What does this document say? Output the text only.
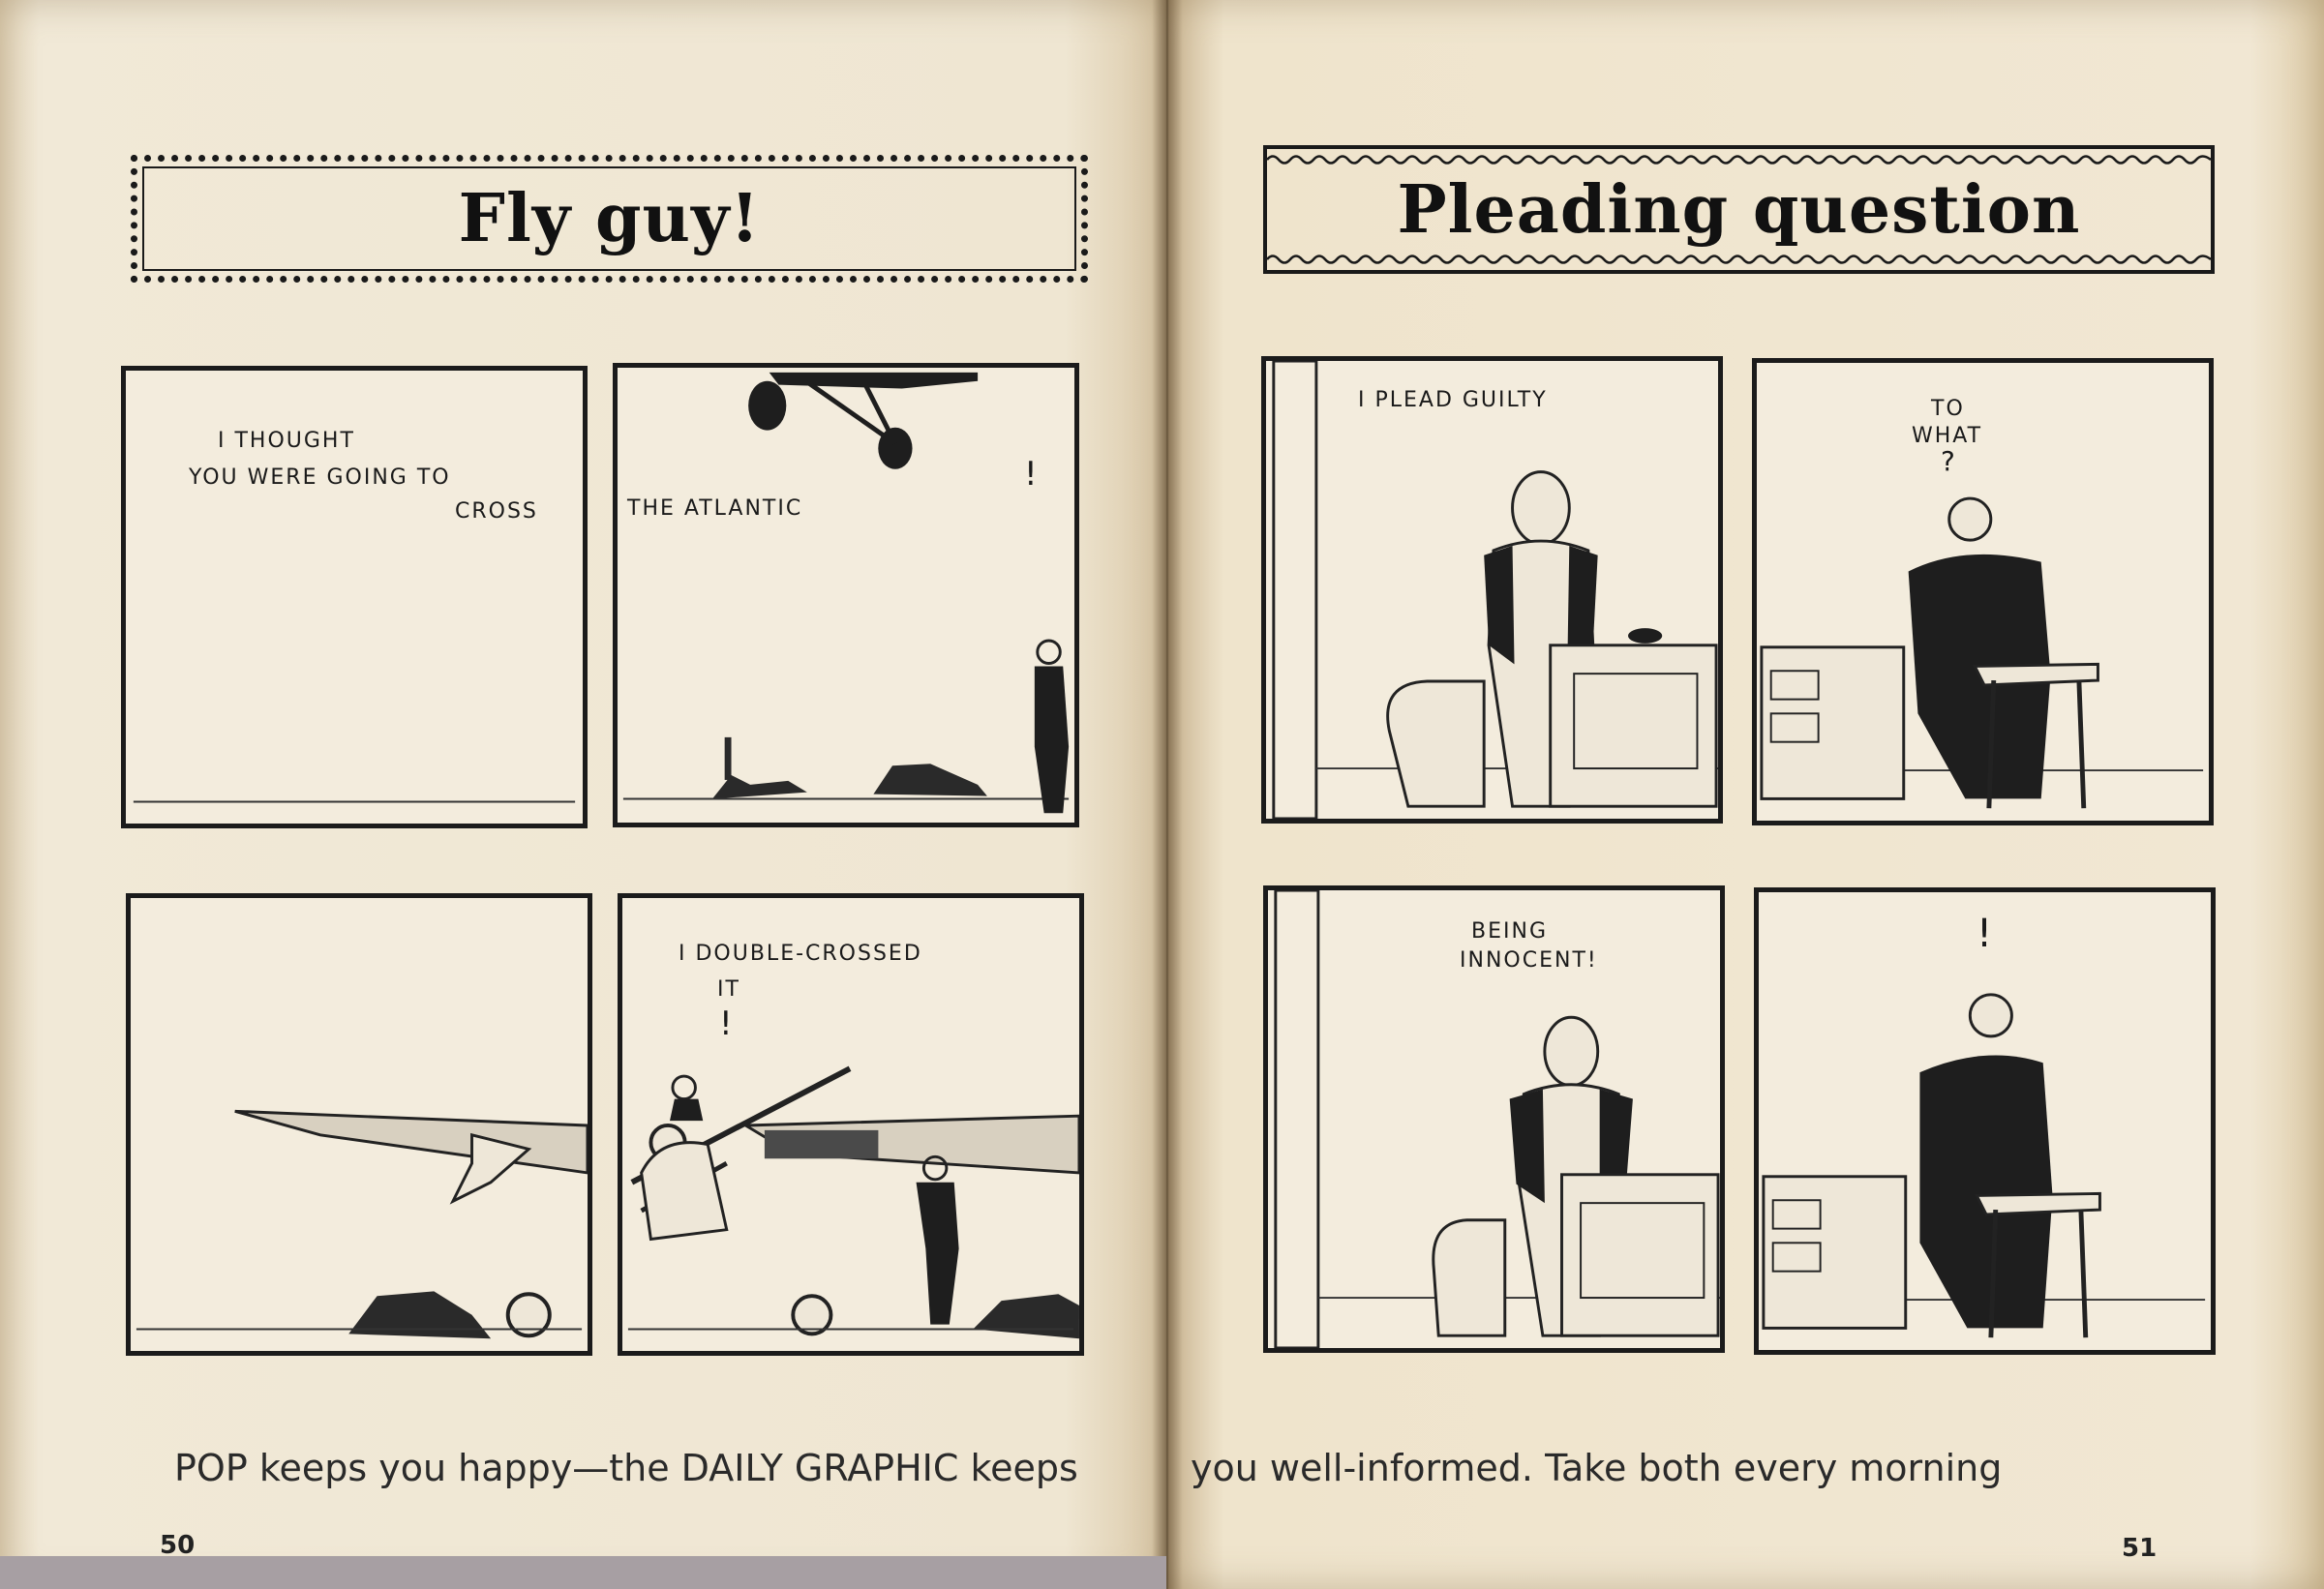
Fly guy!	Pleading question
I THOUGHT
YOU WERE GOING TO
CROSS	THE ATLANTIC
!
I DOUBLE-CROSSED
IT
!
I PLEAD GUILTY	TO
WHAT
?
BEING
INNOCENT!
!
POP keeps you happy—the DAILY GRAPHIC keeps	you well-informed. Take both every morning
50	51
